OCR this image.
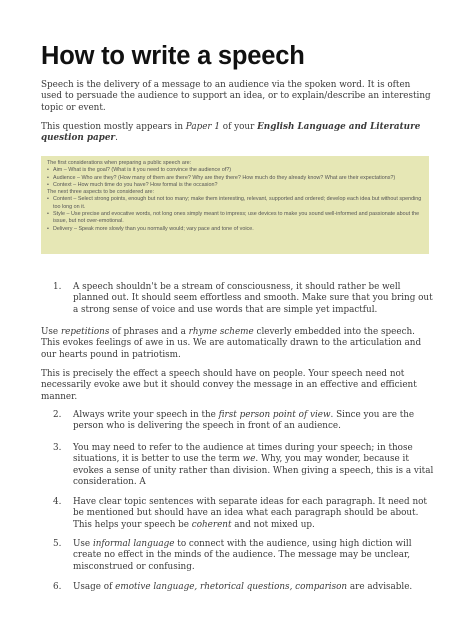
How to write a speech
Speech is the delivery of a message to an audience via the spoken word. It is often used to persuade the audience to support an idea, or to explain/describe an interesting topic or event.
This question mostly appears in Paper 1 of your English Language and Literature question paper.
The first considerations when preparing a public speech are:
• Aim – What is the goal? (What is it you need to convince the audience of?)
• Audience – Who are they? (How many of them are there? Why are they there? How much do they already know? What are their expectations?)
• Context – How much time do you have? How formal is the occasion?
The next three aspects to be considered are:
• Content – Select strong points, enough but not too many; make them interesting, relevant, supported and ordered; develop each idea but without spending too long on it.
• Style – Use precise and evocative words, not long ones simply meant to impress; use devices to make you sound well-informed and passionate about the issue, but not over-emotional.
• Delivery – Speak more slowly than you normally would; vary pace and tone of voice.
1. A speech shouldn't be a stream of consciousness, it should rather be well planned out. It should seem effortless and smooth. Make sure that you bring out a strong sense of voice and use words that are simple yet impactful.
Use repetitions of phrases and a rhyme scheme cleverly embedded into the speech. This evokes feelings of awe in us. We are automatically drawn to the articulation and our hearts pound in patriotism.
This is precisely the effect a speech should have on people. Your speech need not necessarily evoke awe but it should convey the message in an effective and efficient manner.
2. Always write your speech in the first person point of view. Since you are the person who is delivering the speech in front of an audience.
3. You may need to refer to the audience at times during your speech; in those situations, it is better to use the term we. Why, you may wonder, because it evokes a sense of unity rather than division. When giving a speech, this is a vital consideration. A
4. Have clear topic sentences with separate ideas for each paragraph. It need not be mentioned but should have an idea what each paragraph should be about. This helps your speech be coherent and not mixed up.
5. Use informal language to connect with the audience, using high diction will create no effect in the minds of the audience. The message may be unclear, misconstrued or confusing.
6. Usage of emotive language, rhetorical questions, comparison are advisable.
